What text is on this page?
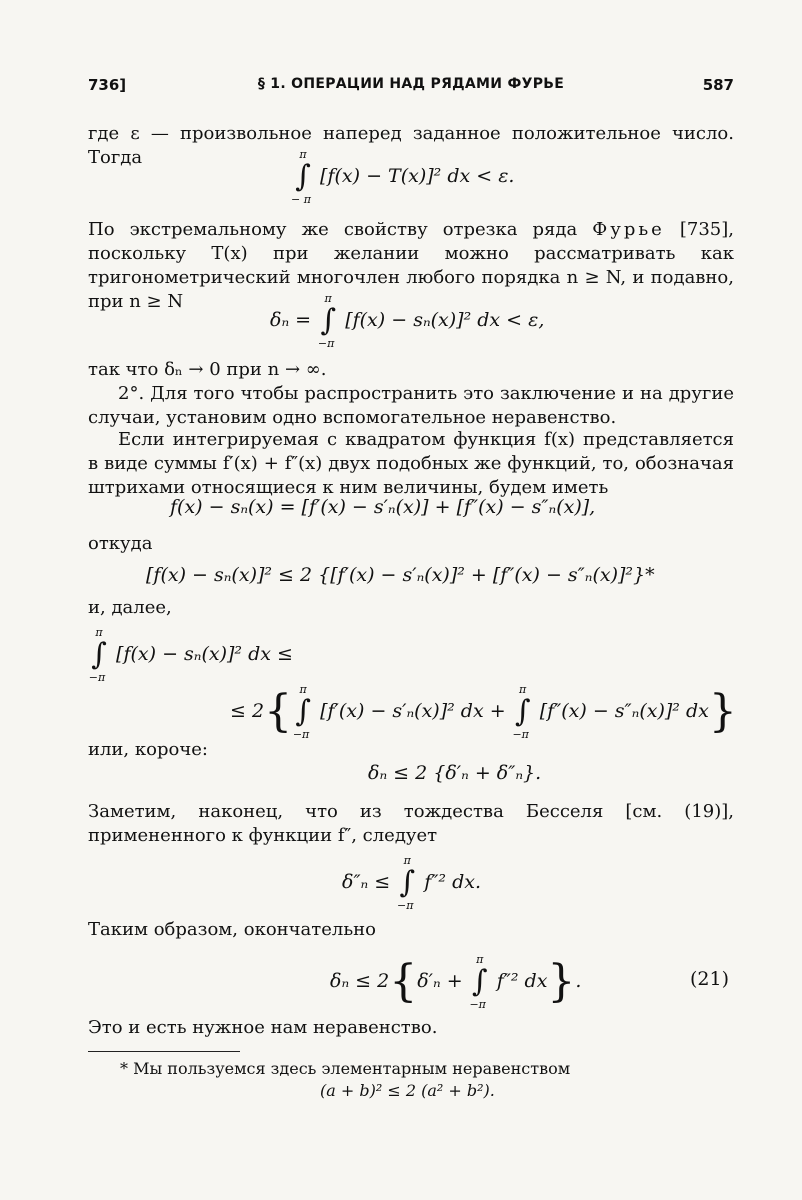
736]	§ 1. ОПЕРАЦИИ НАД РЯДАМИ ФУРЬЕ	587
где ε — произвольное наперед заданное положительное число. Тогда	π
∫
− π
[f(x) − T(x)]² dx < ε.
По экстремальному же свойству отрезка ряда Фурье [735], поскольку T(x) при желании можно рассматривать как тригонометрический многочлен любого порядка n ≥ N, и подавно, при n ≥ N
δₙ =
π
∫
−π
[f(x) − sₙ(x)]² dx < ε,
так что δₙ → 0 при n → ∞.
2°. Для того чтобы распространить это заключение и на другие случаи, установим одно вспомогательное неравенство.
Если интегрируемая с квадратом функция f(x) представляется в виде суммы f′(x) + f″(x) двух подобных же функций, то, обозначая штрихами относящиеся к ним величины, будем иметь
f(x) − sₙ(x) = [f′(x) − s′ₙ(x)] + [f″(x) − s″ₙ(x)],
откуда
[f(x) − sₙ(x)]² ≤ 2 {[f′(x) − s′ₙ(x)]² + [f″(x) − s″ₙ(x)]²}*
и, далее,
π
∫
−π
[f(x) − sₙ(x)]² dx ≤
≤ 2{ π
∫
−π
[f′(x) − s′ₙ(x)]² dx +
π
∫
−π
[f″(x) − s″ₙ(x)]² dx}
или, короче:
δₙ ≤ 2 {δ′ₙ + δ″ₙ}.
Заметим, наконец, что из тождества Бесселя [см. (19)], примененного к функции f″, следует
δ″ₙ ≤
π
∫
−π
f″² dx.
Таким образом, окончательно
δₙ ≤ 2{δ′ₙ +
π
∫
−π
f″² dx}.	(21)
Это и есть нужное нам неравенство.
* Мы пользуемся здесь элементарным неравенством
(a + b)² ≤ 2 (a² + b²).
